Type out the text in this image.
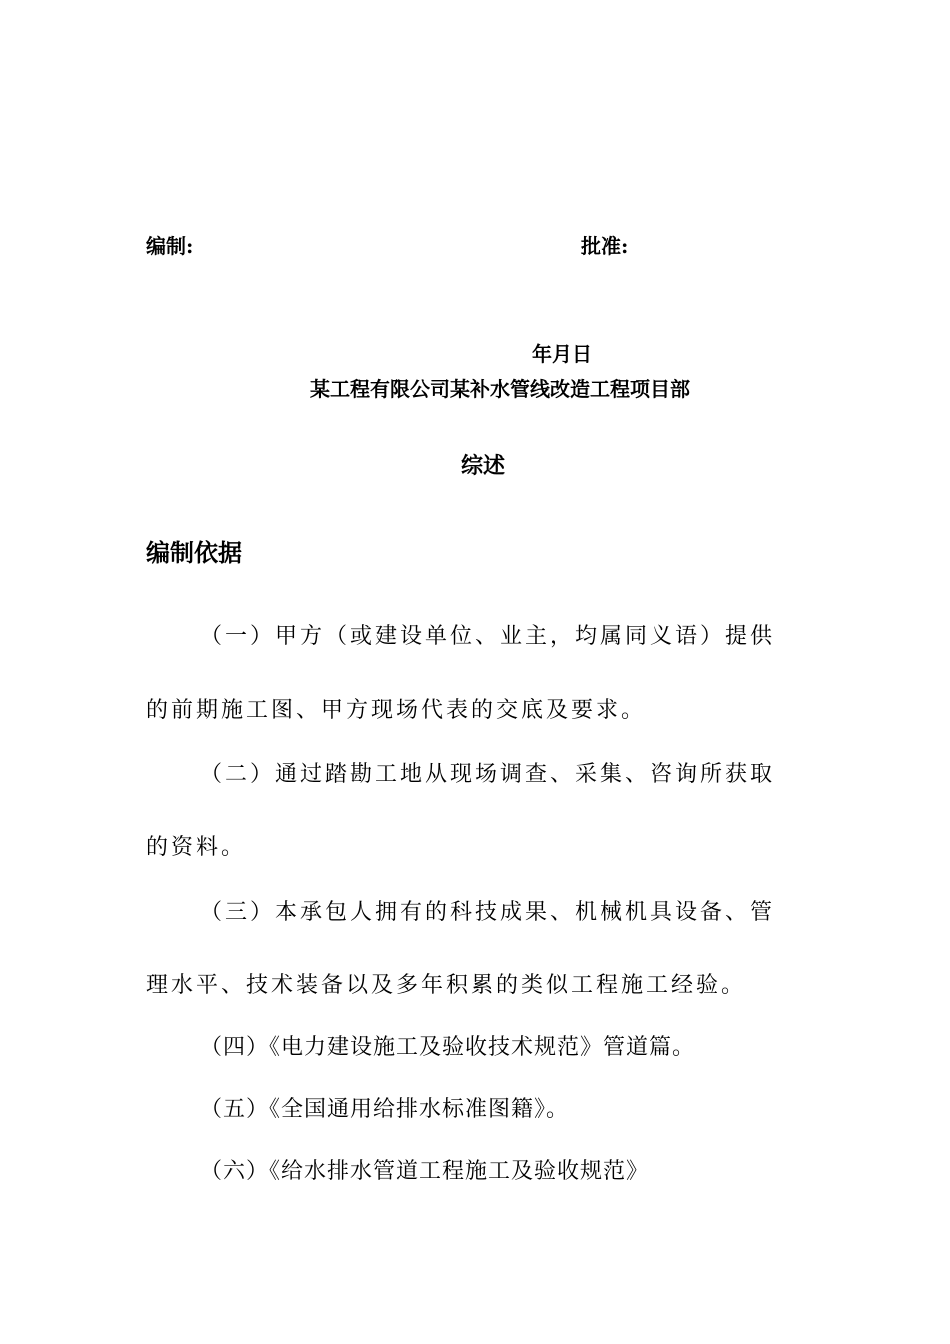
编制:	批准:
年月日
某工程有限公司某补水管线改造工程项目部
综述
编制依据
（一）甲方（或建设单位、业主，均属同义语）提供
的前期施工图、甲方现场代表的交底及要求。
（二）通过踏勘工地从现场调查、采集、咨询所获取
的资料。
（三）本承包人拥有的科技成果、机械机具设备、管
理水平、技术装备以及多年积累的类似工程施工经验。
（四）《电力建设施工及验收技术规范》管道篇。
（五）《全国通用给排水标准图籍》。
（六）《给水排水管道工程施工及验收规范》
